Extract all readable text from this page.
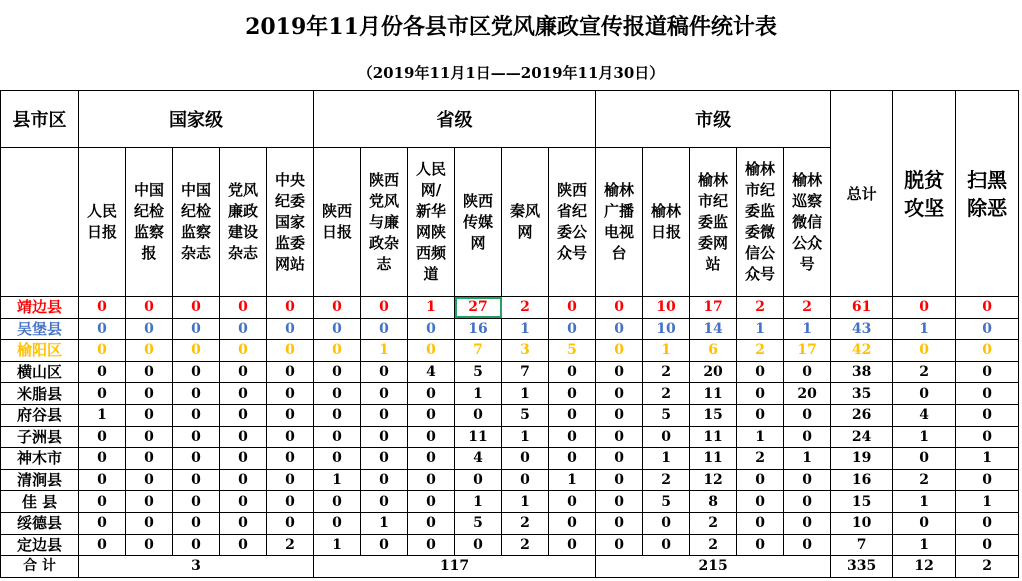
2019年11月份各县市区党风廉政宣传报道稿件统计表
（2019年11月1日——2019年11月30日）
县市区	国家级					省级						市级					总计	脱贫攻坚	扫黑除恶
	人民日报	中国纪检监察报	中国纪检监察杂志	党风廉政建设杂志	中央纪委国家监委网站	陕西日报	陕西党风与廉政杂志	人民网/新华网陕西频道	陕西传媒网	秦风网	陕西省纪委公众号	榆林广播电视台	榆林日报	榆林市纪委监委网站	榆林市纪委监委微信公众号	榆林巡察微信公众号			
靖边县	0	0	0	0	0	0	0	1	27	2	0	0	10	17	2	2	61	0	0
吴堡县	0	0	0	0	0	0	0	0	16	1	0	0	10	14	1	1	43	1	0
榆阳区	0	0	0	0	0	0	1	0	7	3	5	0	1	6	2	17	42	0	0
横山区	0	0	0	0	0	0	0	4	5	7	0	0	2	20	0	0	38	2	0
米脂县	0	0	0	0	0	0	0	0	1	1	0	0	2	11	0	20	35	0	0
府谷县	1	0	0	0	0	0	0	0	0	5	0	0	5	15	0	0	26	4	0
子洲县	0	0	0	0	0	0	0	0	11	1	0	0	0	11	1	0	24	1	0
神木市	0	0	0	0	0	0	0	0	4	0	0	0	1	11	2	1	19	0	1
清涧县	0	0	0	0	0	1	0	0	0	0	1	0	2	12	0	0	16	2	0
佳 县	0	0	0	0	0	0	0	0	1	1	0	0	5	8	0	0	15	1	1
绥德县	0	0	0	0	0	0	1	0	5	2	0	0	0	2	0	0	10	0	0
定边县	0	0	0	0	2	1	0	0	0	2	0	0	0	2	0	0	7	1	0
合 计	3					117						215					335	12	2
